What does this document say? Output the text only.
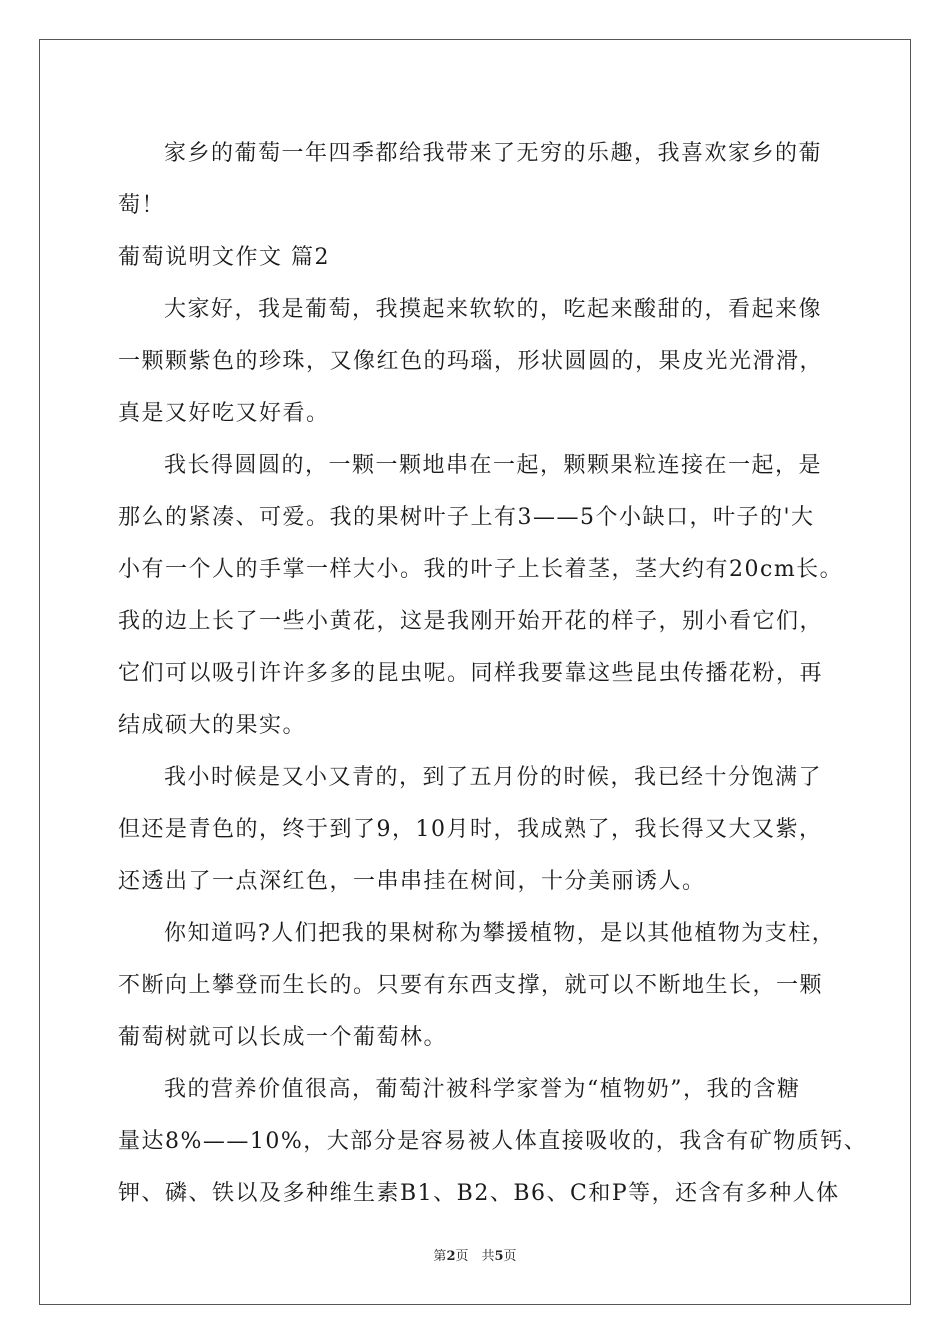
家乡的葡萄一年四季都给我带来了无穷的乐趣，我喜欢家乡的葡
萄！
葡萄说明文作文 篇2
大家好，我是葡萄，我摸起来软软的，吃起来酸甜的，看起来像
一颗颗紫色的珍珠，又像红色的玛瑙，形状圆圆的，果皮光光滑滑，
真是又好吃又好看。
我长得圆圆的，一颗一颗地串在一起，颗颗果粒连接在一起，是
那么的紧凑、可爱。我的果树叶子上有3——5个小缺口，叶子的'大
小有一个人的手掌一样大小。我的叶子上长着茎，茎大约有20cm长。
我的边上长了一些小黄花，这是我刚开始开花的样子，别小看它们，
它们可以吸引许许多多的昆虫呢。同样我要靠这些昆虫传播花粉，再
结成硕大的果实。
我小时候是又小又青的，到了五月份的时候，我已经十分饱满了
但还是青色的，终于到了9，10月时，我成熟了，我长得又大又紫，
还透出了一点深红色，一串串挂在树间，十分美丽诱人。
你知道吗?人们把我的果树称为攀援植物，是以其他植物为支柱，
不断向上攀登而生长的。只要有东西支撑，就可以不断地生长，一颗
葡萄树就可以长成一个葡萄林。
我的营养价值很高，葡萄汁被科学家誉为“植物奶”，我的含糖
量达8%——10%，大部分是容易被人体直接吸收的，我含有矿物质钙、
钾、磷、铁以及多种维生素B1、B2、B6、C和P等，还含有多种人体
第2页　共5页
